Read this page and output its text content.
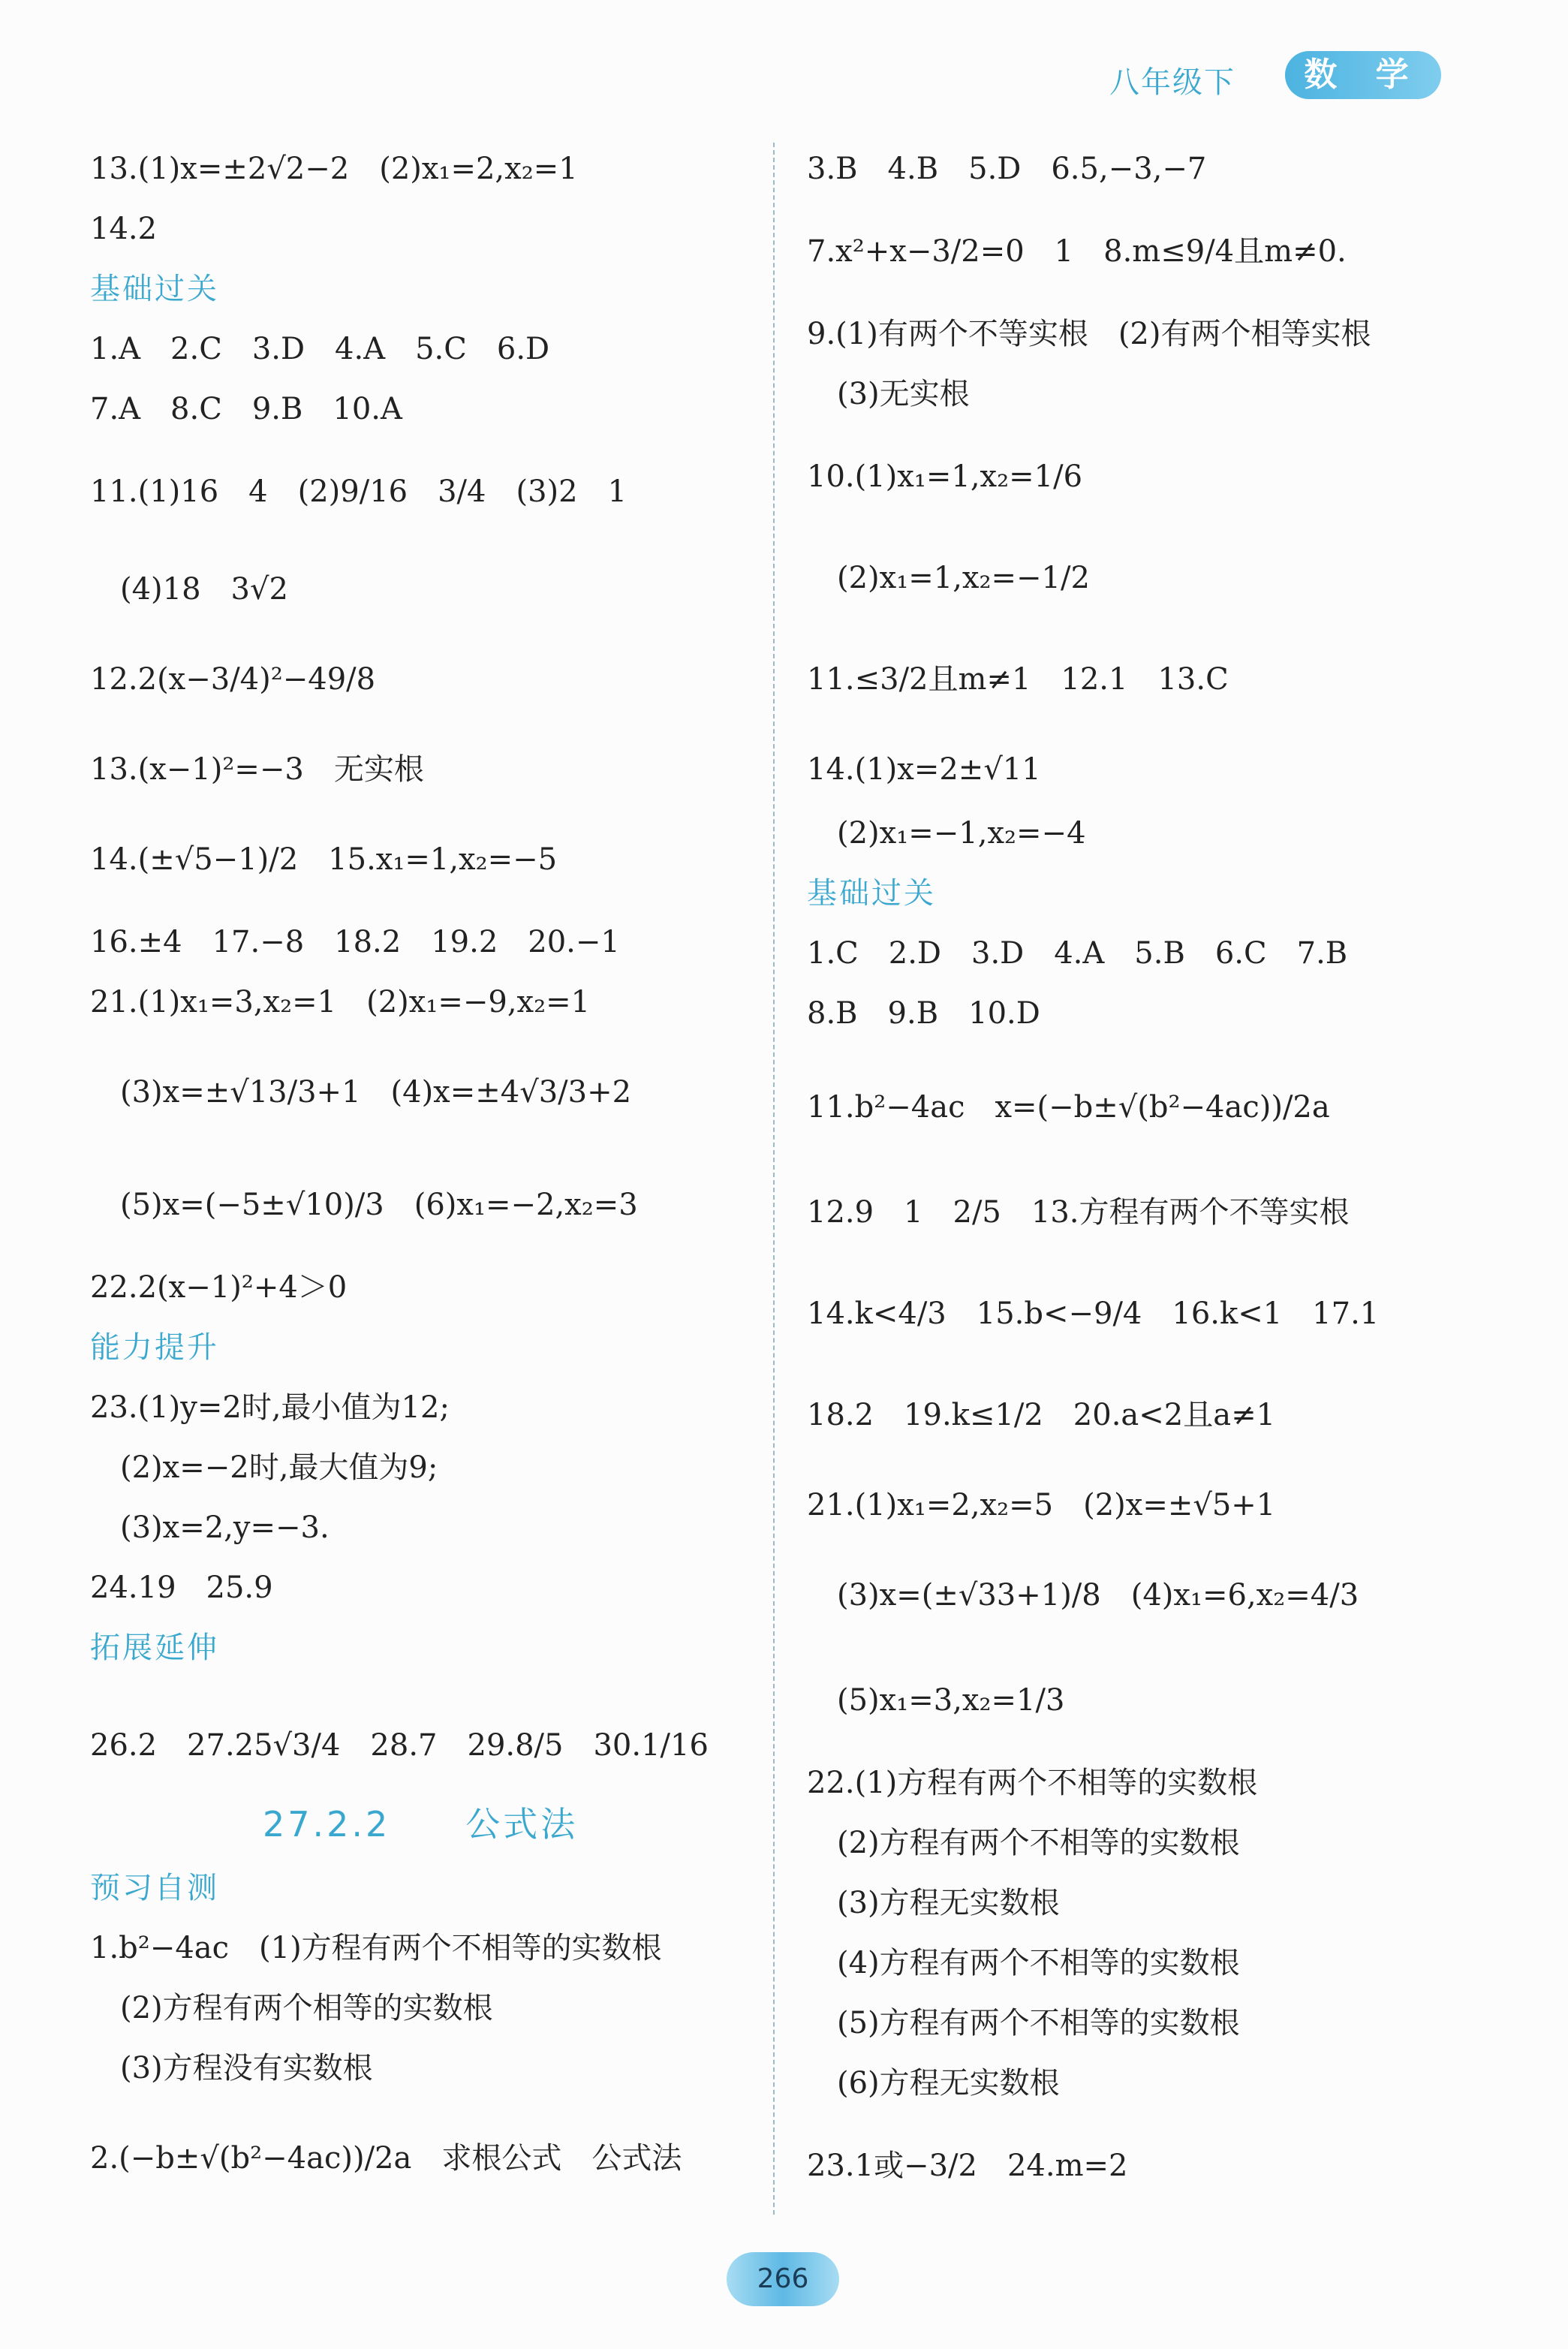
八年级下	数 学
13.(1)x=±2√2−2　(2)x₁=2,x₂=1
14.2
基础过关
1.A　2.C　3.D　4.A　5.C　6.D
7.A　8.C　9.B　10.A
11.(1)16　4　(2)9/16　3/4　(3)2　1
　(4)18　3√2
12.2(x−3/4)²−49/8
13.(x−1)²=−3　无实根
14.(±√5−1)/2　15.x₁=1,x₂=−5
16.±4　17.−8　18.2　19.2　20.−1
21.(1)x₁=3,x₂=1　(2)x₁=−9,x₂=1
　(3)x=±√13/3+1　(4)x=±4√3/3+2
　(5)x=(−5±√10)/3　(6)x₁=−2,x₂=3
22.2(x−1)²+4＞0
能力提升
23.(1)y=2时,最小值为12;
　(2)x=−2时,最大值为9;
　(3)x=2,y=−3.
24.19　25.9
拓展延伸
26.2　27.25√3/4　28.7　29.8/5　30.1/16
27.2.2　　公式法
预习自测
1.b²−4ac　(1)方程有两个不相等的实数根
　(2)方程有两个相等的实数根
　(3)方程没有实数根
2.(−b±√(b²−4ac))/2a　求根公式　公式法
3.B　4.B　5.D　6.5,−3,−7
7.x²+x−3/2=0　1　8.m≤9/4且m≠0.
9.(1)有两个不等实根　(2)有两个相等实根
　(3)无实根
10.(1)x₁=1,x₂=1/6
　(2)x₁=1,x₂=−1/2
11.≤3/2且m≠1　12.1　13.C
14.(1)x=2±√11
　(2)x₁=−1,x₂=−4
基础过关
1.C　2.D　3.D　4.A　5.B　6.C　7.B
8.B　9.B　10.D
11.b²−4ac　x=(−b±√(b²−4ac))/2a
12.9　1　2/5　13.方程有两个不等实根
14.k<4/3　15.b<−9/4　16.k<1　17.1
18.2　19.k≤1/2　20.a<2且a≠1
21.(1)x₁=2,x₂=5　(2)x=±√5+1
　(3)x=(±√33+1)/8　(4)x₁=6,x₂=4/3
　(5)x₁=3,x₂=1/3
22.(1)方程有两个不相等的实数根
　(2)方程有两个不相等的实数根
　(3)方程无实数根
　(4)方程有两个不相等的实数根
　(5)方程有两个不相等的实数根
　(6)方程无实数根
23.1或−3/2　24.m=2
266
